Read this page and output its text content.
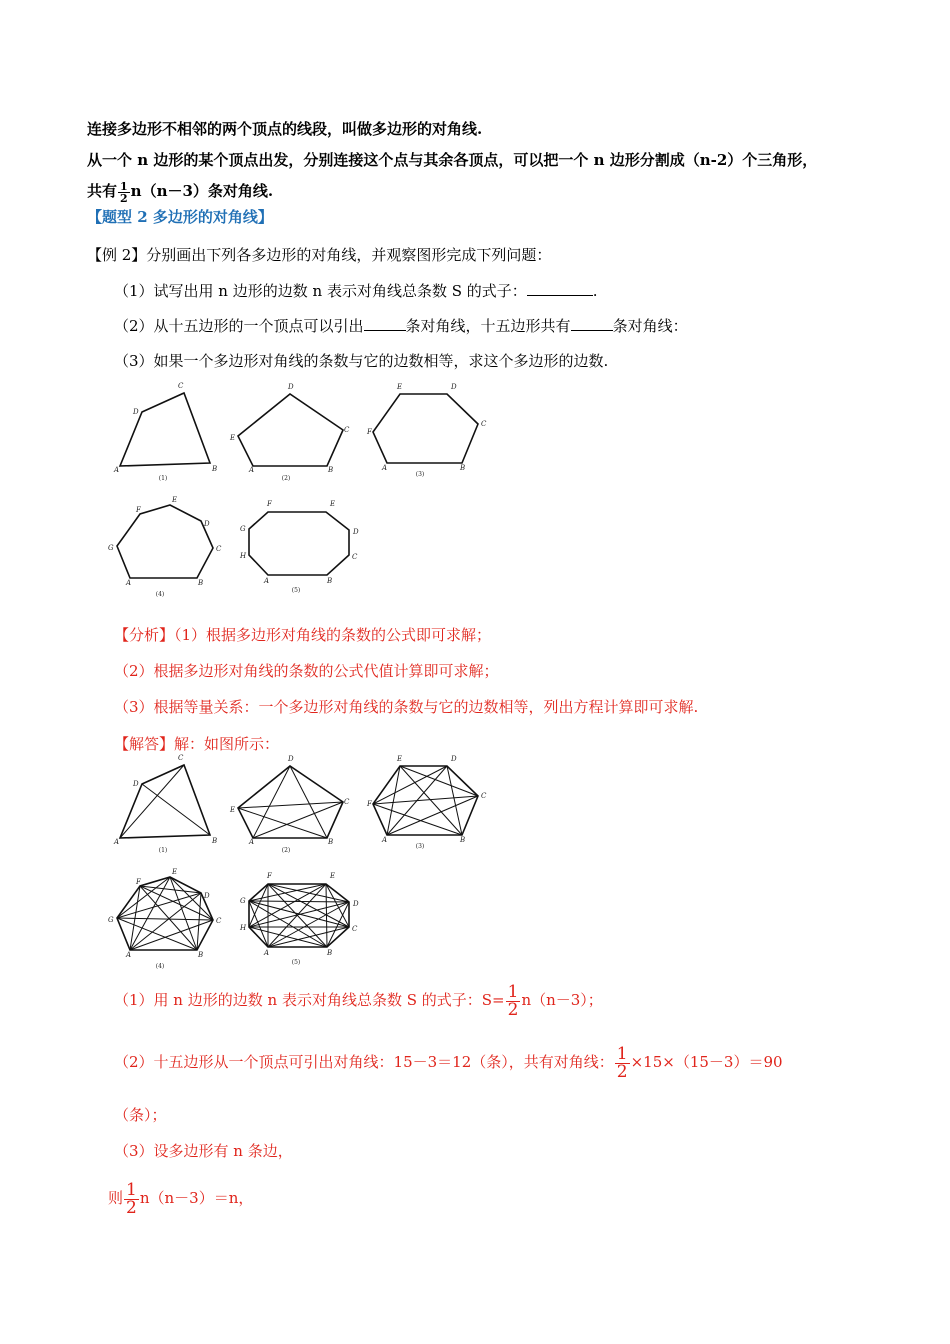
连接多边形不相邻的两个顶点的线段，叫做多边形的对角线.
从一个 n 边形的某个顶点出发，分别连接这个点与其余各顶点，可以把一个 n 边形分割成（n-2）个三角形，
共有 $\frac{1}{2} n(n-3)$条对角线.
【题型 2 多边形的对角线】
【例 2】分别画出下列各多边形的对角线，并观察图形完成下列问题：
（1）试写出用 n 边形的边数 n 表示对角线总条数 S 的式子：	.
（2）从十五边形的一个顶点可以引出	条对角线，十五边形共有	条对角线：
（3）如果一个多边形对角线的条数与它的边数相等，求这个多边形的边数.
A	B
C
D
(1)
A	B
C
D
E
(2)
A	B
C
D
E
F
(3)
A	B
C
D
E
F
G
(4)
A	B
C
D
E
F
G
H
(5)
【分析】（1）根据多边形对角线的条数的公式即可求解；
（2）根据多边形对角线的条数的公式代值计算即可求解；
（3）根据等量关系：一个多边形对角线的条数与它的边数相等，列出方程计算即可求解.
【解答】解：如图所示：
A	B
C
D
(1)
A	B
C
D
E
(2)
A	B
C
D
E
F
(3)
A	B
C
D
E
F
G
(4)
A	B
C
D
E
F
G
H
(5)
（1）用 n 边形的边数 n 表示对角线总条数 S 的式子：$S= \frac{1}{2} n(n-3)$；
（2）十五边形从一个顶点可引出对角线：15－3＝12（条），共有对角线： $\frac{1}{2} \times 15\times(15-3)=90$
（条）；
（3）设多边形有 n 条边，
则 $\frac{1}{2} n(n-3)=n$，
